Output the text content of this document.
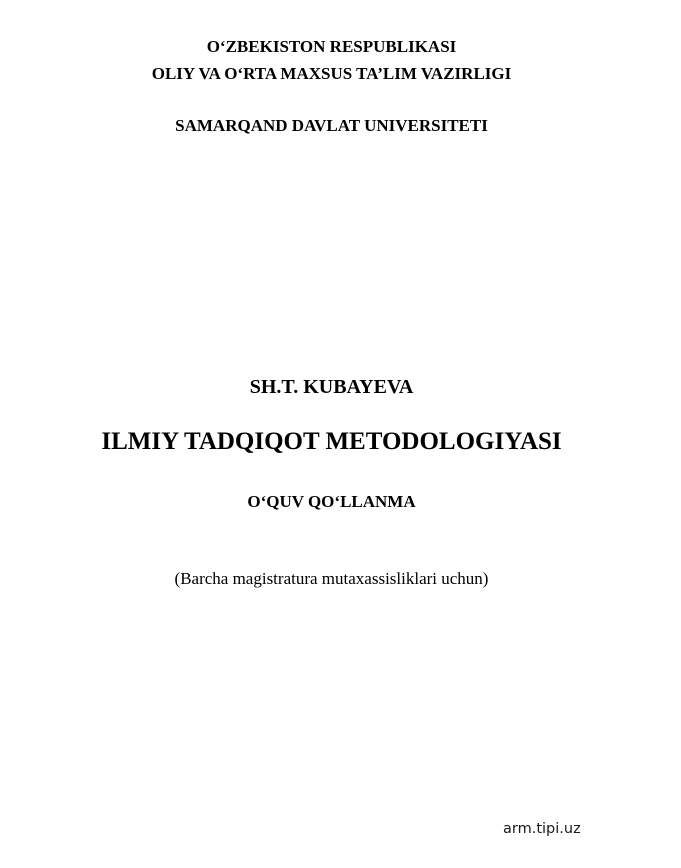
O‘ZBEKISTON RESPUBLIKASI
OLIY VA O‘RTA MAXSUS TA’LIM VAZIRLIGI
SAMARQAND DAVLAT UNIVERSITETI
SH.T. KUBAYEVA
ILMIY TADQIQOT METODOLOGIYASI
O‘QUV QO‘LLANMA
(Barcha magistratura mutaxassisliklari uchun)
arm.tipi.uz
